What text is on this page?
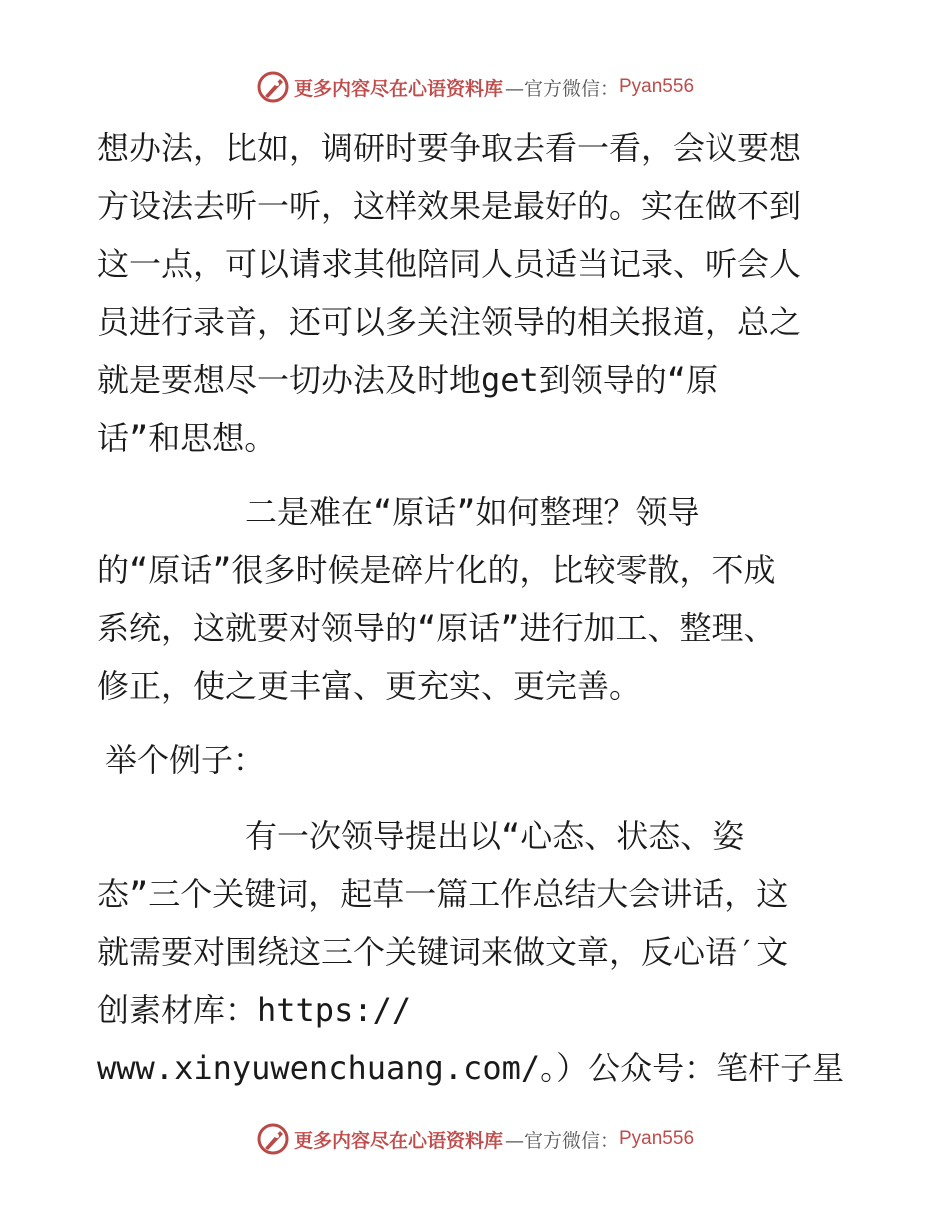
更多内容尽在心语资料库 —官方微信： Pyan556
想办法，比如，调研时要争取去看一看，会议要想
方设法去听一听，这样效果是最好的。实在做不到
这一点，可以请求其他陪同人员适当记录、听会人
员进行录音，还可以多关注领导的相关报道，总之
就是要想尽一切办法及时地get到领导的“原
话”和思想。
二是难在“原话”如何整理？领导
的“原话”很多时候是碎片化的，比较零散，不成
系统，这就要对领导的“原话”进行加工、整理、
修正，使之更丰富、更充实、更完善。
举个例子：
有一次领导提出以“心态、状态、姿
态”三个关键词，起草一篇工作总结大会讲话，这
就需要对围绕这三个关键词来做文章，反心语′文
创素材库：https://
www.xinyuwenchuang.com/。）公众号：笔杆子星
更多内容尽在心语资料库 —官方微信： Pyan556
